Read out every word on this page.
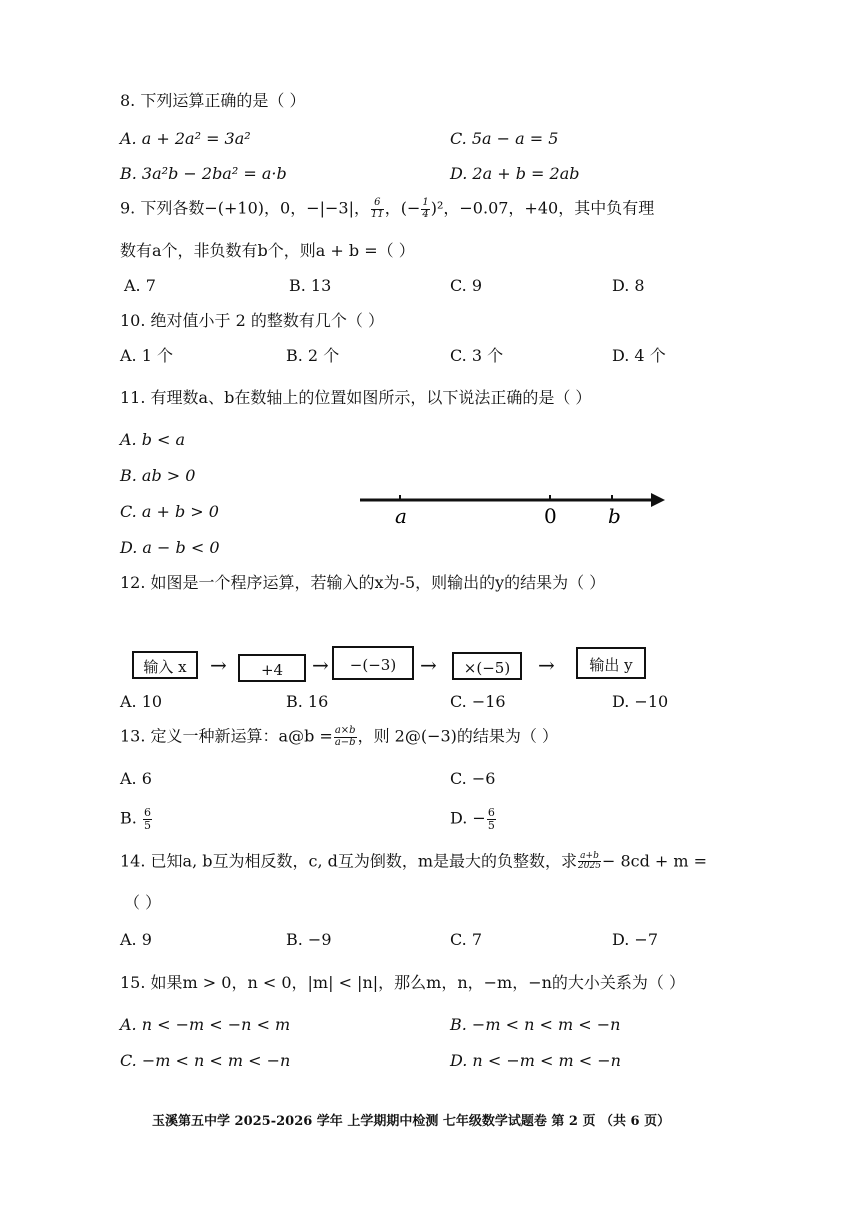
8. 下列运算正确的是（ ）
A. a + 2a² = 3a²	C. 5a − a = 5
B. 3a²b − 2ba² = a·b	D. 2a + b = 2ab
9. 下列各数−(+10)，0，−|−3|， $\frac{6}{11}$ ，(− $\frac{1}{4} )^2$，−0.07，+40，其中负有理
数有a个，非负数有b个，则a + b =（ ）
A. 7	B. 13	C. 9	D. 8
10. 绝对值小于 2 的整数有几个（ ）
A. 1 个	B. 2 个	C. 3 个	D. 4 个
11. 有理数a、b在数轴上的位置如图所示，以下说法正确的是（ ）
A. b < a
B. ab > 0
C. a + b > 0
D. a − b < 0
a	0	b
12. 如图是一个程序运算，若输入的x为-5，则输出的y的结果为（ ）
输入 x	→	+4	→	−(−3)	→	×(−5)	→	输出 y
A. 10	B. 16	C. −16	D. −10
13. 定义一种新运算：a@b = $\frac{a\times b}{a-b}$ ，则 2@(−3)的结果为（ ）
A. 6	C. −6
B. $\frac{6}{5}$	D. − $\frac{6}{5}$
14. 已知a, b互为相反数，c, d互为倒数，m是最大的负整数，求 $\frac{a+b}{2025} - 8cd + m$ =
（ ）
A. 9	B. −9	C. 7	D. −7
15. 如果m > 0，n < 0，|m| < |n|，那么m，n，−m，−n的大小关系为（ ）
A. n < −m < −n < m	B. −m < n < m < −n
C. −m < n < m < −n	D. n < −m < m < −n
玉溪第五中学 2025-2026 学年 上学期期中检测 七年级数学试题卷 第 2 页 （共 6 页）
